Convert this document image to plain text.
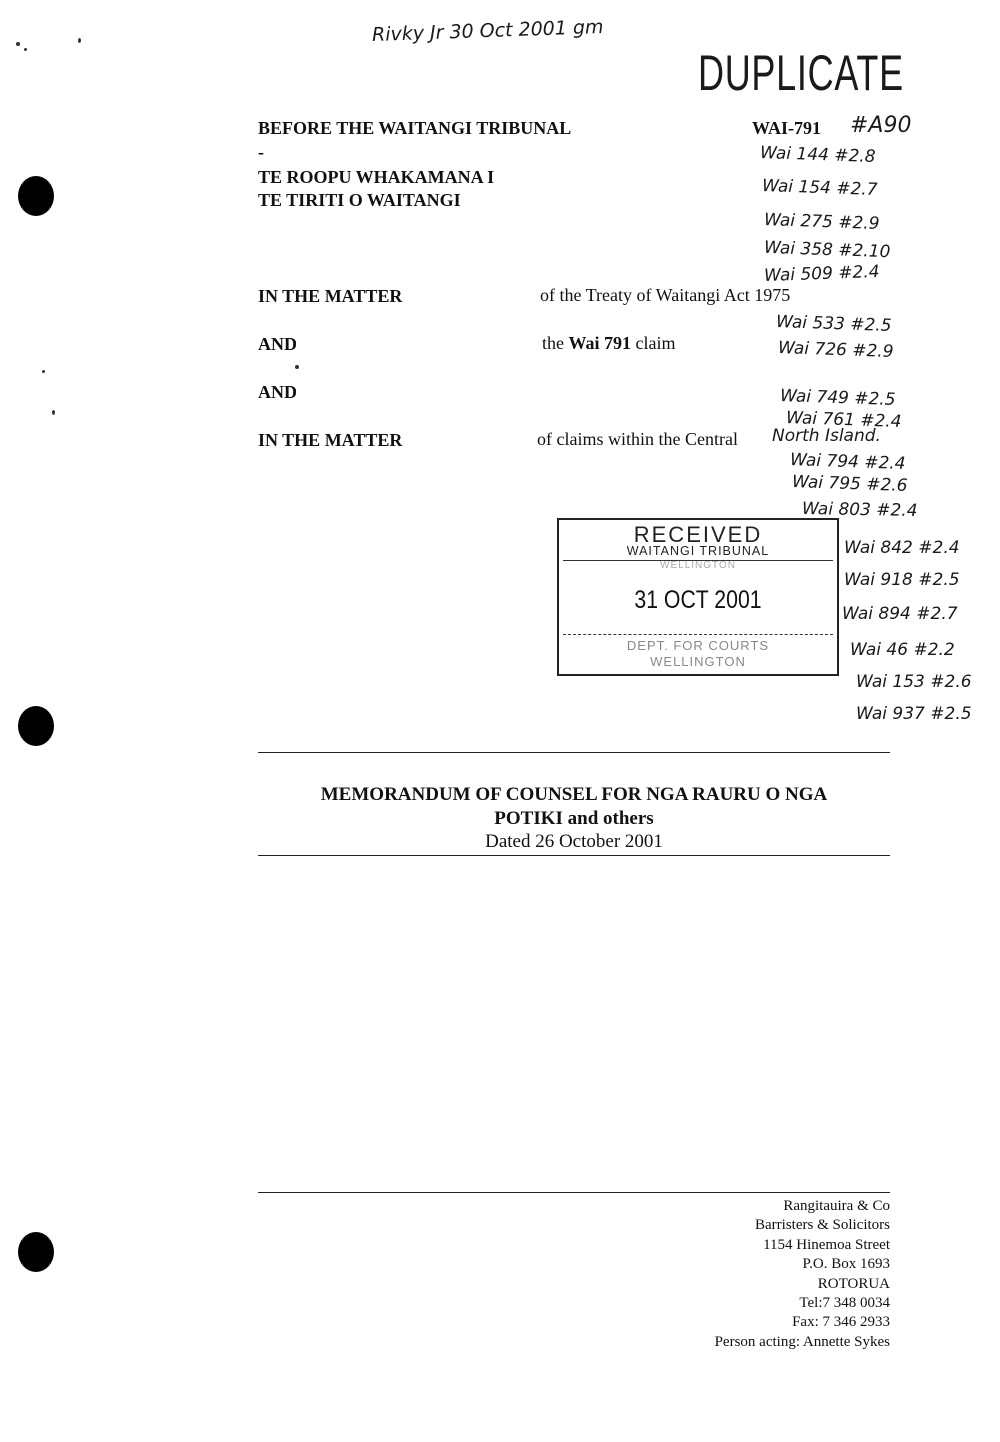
Rivky Jr 30 Oct 2001 gm
DUPLICATE
BEFORE THE WAITANGI TRIBUNAL
-
TE ROOPU WHAKAMANA I
TE TIRITI O WAITANGI
WAI-791 #A90
Wai 144 #2.8
Wai 154 #2.7
Wai 275 #2.9
Wai 358 #2.10
Wai 509 #2.4
Wai 533 #2.5
Wai 726 #2.9
Wai 749 #2.5
Wai 761 #2.4
Wai 794 #2.4
Wai 795 #2.6
Wai 803 #2.4
Wai 842 #2.4
Wai 918 #2.5
Wai 894 #2.7
Wai 46 #2.2
Wai 153 #2.6
Wai 937 #2.5
IN THE MATTER	of the Treaty of Waitangi Act 1975
AND	the Wai 791 claim
AND
IN THE MATTER	of claims within the Central North Island.
RECEIVED
WAITANGI TRIBUNAL
WELLINGTON
31 OCT 2001
DEPT. FOR COURTS
WELLINGTON
MEMORANDUM OF COUNSEL FOR NGA RAURU O NGA
POTIKI and others
Dated 26 October 2001
Rangitauira & Co
Barristers & Solicitors
1154 Hinemoa Street
P.O. Box 1693
ROTORUA
Tel:7 348 0034
Fax: 7 346 2933
Person acting: Annette Sykes
